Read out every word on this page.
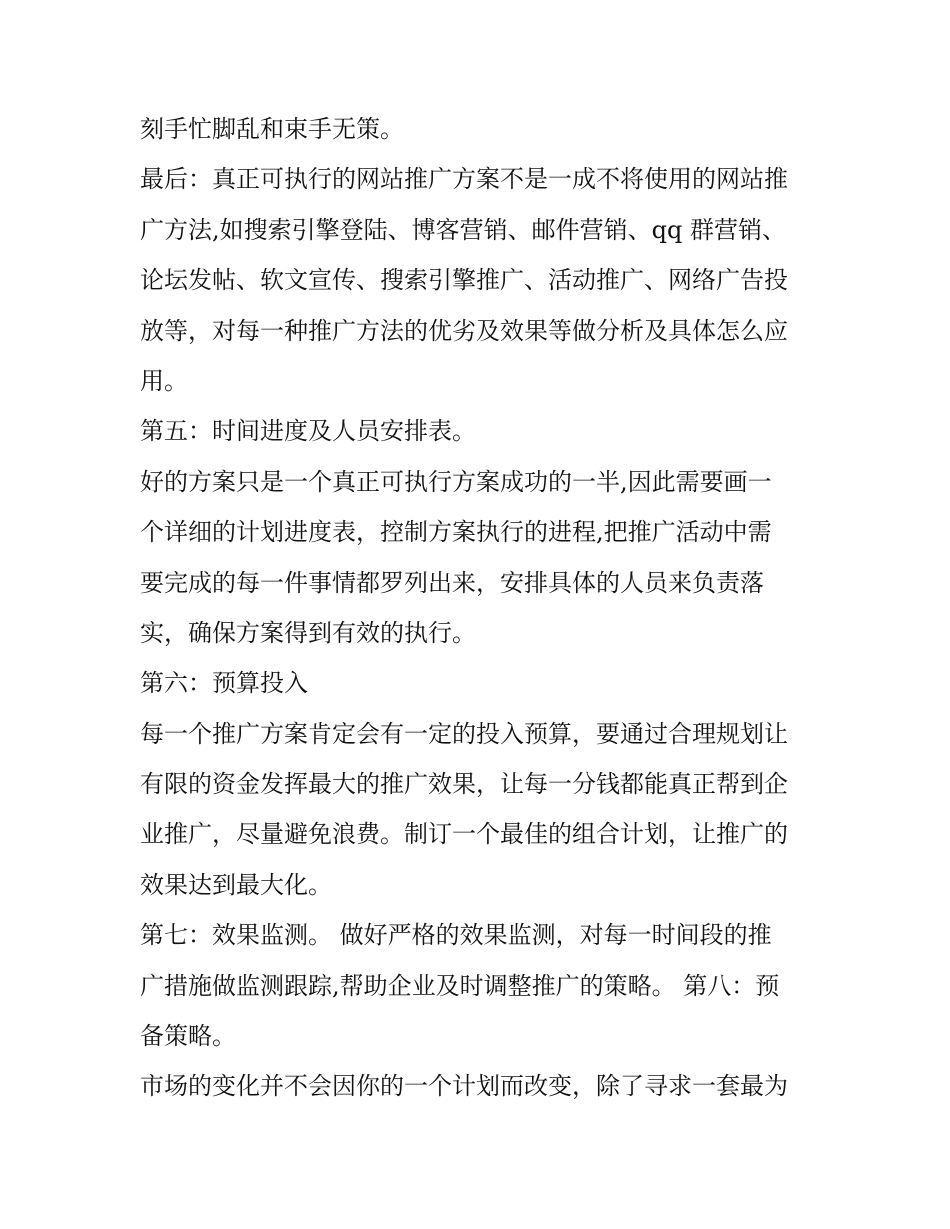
刻手忙脚乱和束手无策。
最后：真正可执行的网站推广方案不是一成不将使用的网站推
广方法,如搜索引擎登陆、博客营销、邮件营销、qq 群营销、
论坛发帖、软文宣传、搜索引擎推广、活动推广、网络广告投
放等，对每一种推广方法的优劣及效果等做分析及具体怎么应
用。
第五：时间进度及人员安排表。
好的方案只是一个真正可执行方案成功的一半,因此需要画一
个详细的计划进度表，控制方案执行的进程,把推广活动中需
要完成的每一件事情都罗列出来，安排具体的人员来负责落
实，确保方案得到有效的执行。
第六：预算投入
每一个推广方案肯定会有一定的投入预算，要通过合理规划让
有限的资金发挥最大的推广效果，让每一分钱都能真正帮到企
业推广，尽量避免浪费。制订一个最佳的组合计划，让推广的
效果达到最大化。
第七：效果监测。 做好严格的效果监测，对每一时间段的推
广措施做监测跟踪,帮助企业及时调整推广的策略。 第八：预
备策略。
市场的变化并不会因你的一个计划而改变，除了寻求一套最为
